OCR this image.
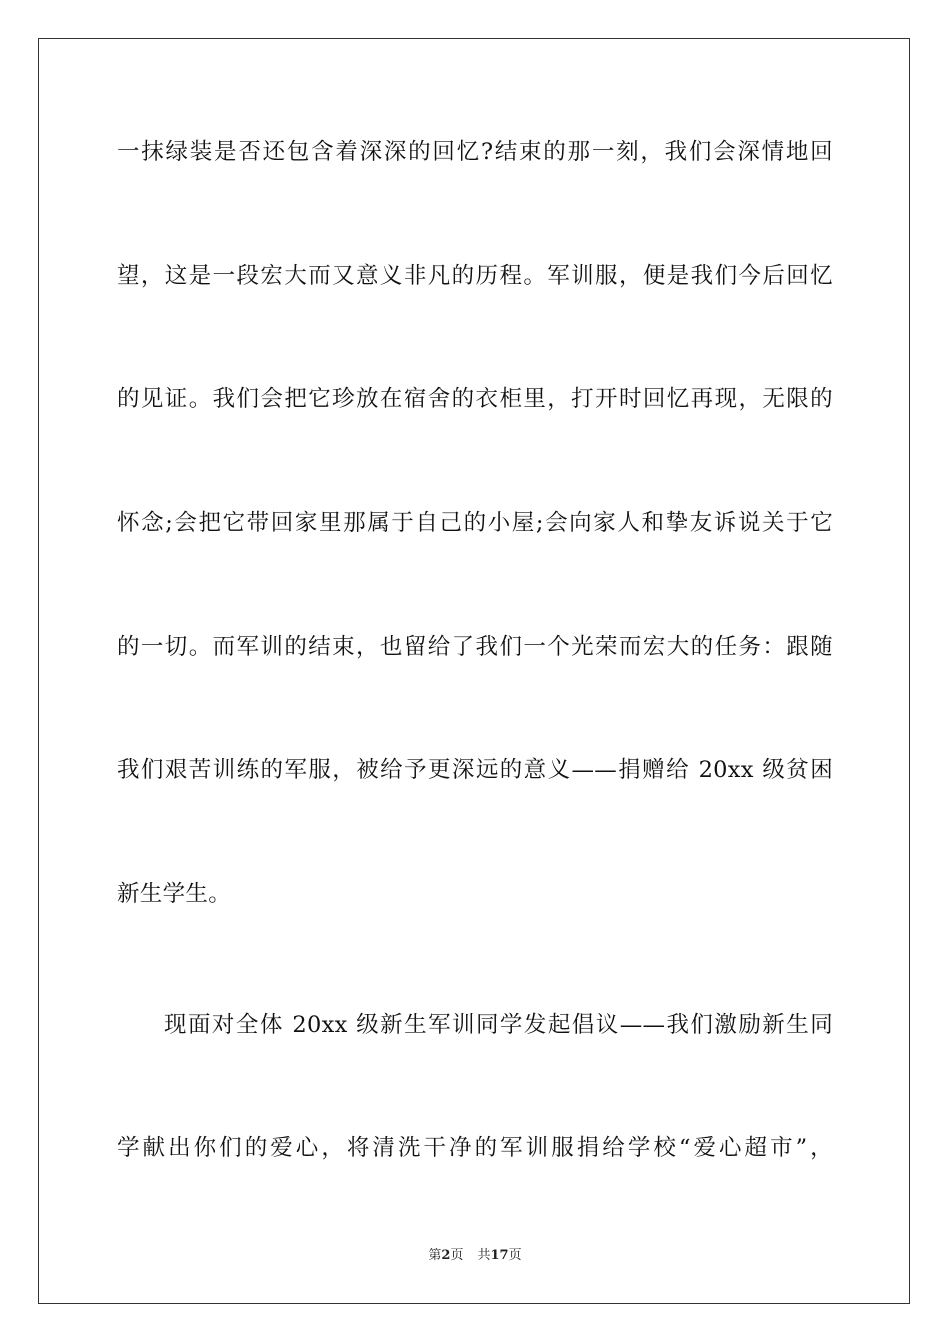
一抹绿装是否还包含着深深的回忆?结束的那一刻，我们会深情地回
望，这是一段宏大而又意义非凡的历程。军训服，便是我们今后回忆
的见证。我们会把它珍放在宿舍的衣柜里，打开时回忆再现，无限的
怀念;会把它带回家里那属于自己的小屋;会向家人和挚友诉说关于它
的一切。而军训的结束，也留给了我们一个光荣而宏大的任务：跟随
我们艰苦训练的军服，被给予更深远的意义——捐赠给 20xx 级贫困
新生学生。
现面对全体 20xx 级新生军训同学发起倡议——我们激励新生同
学献出你们的爱心，将清洗干净的军训服捐给学校“爱心超市”，
第2页 共17页
